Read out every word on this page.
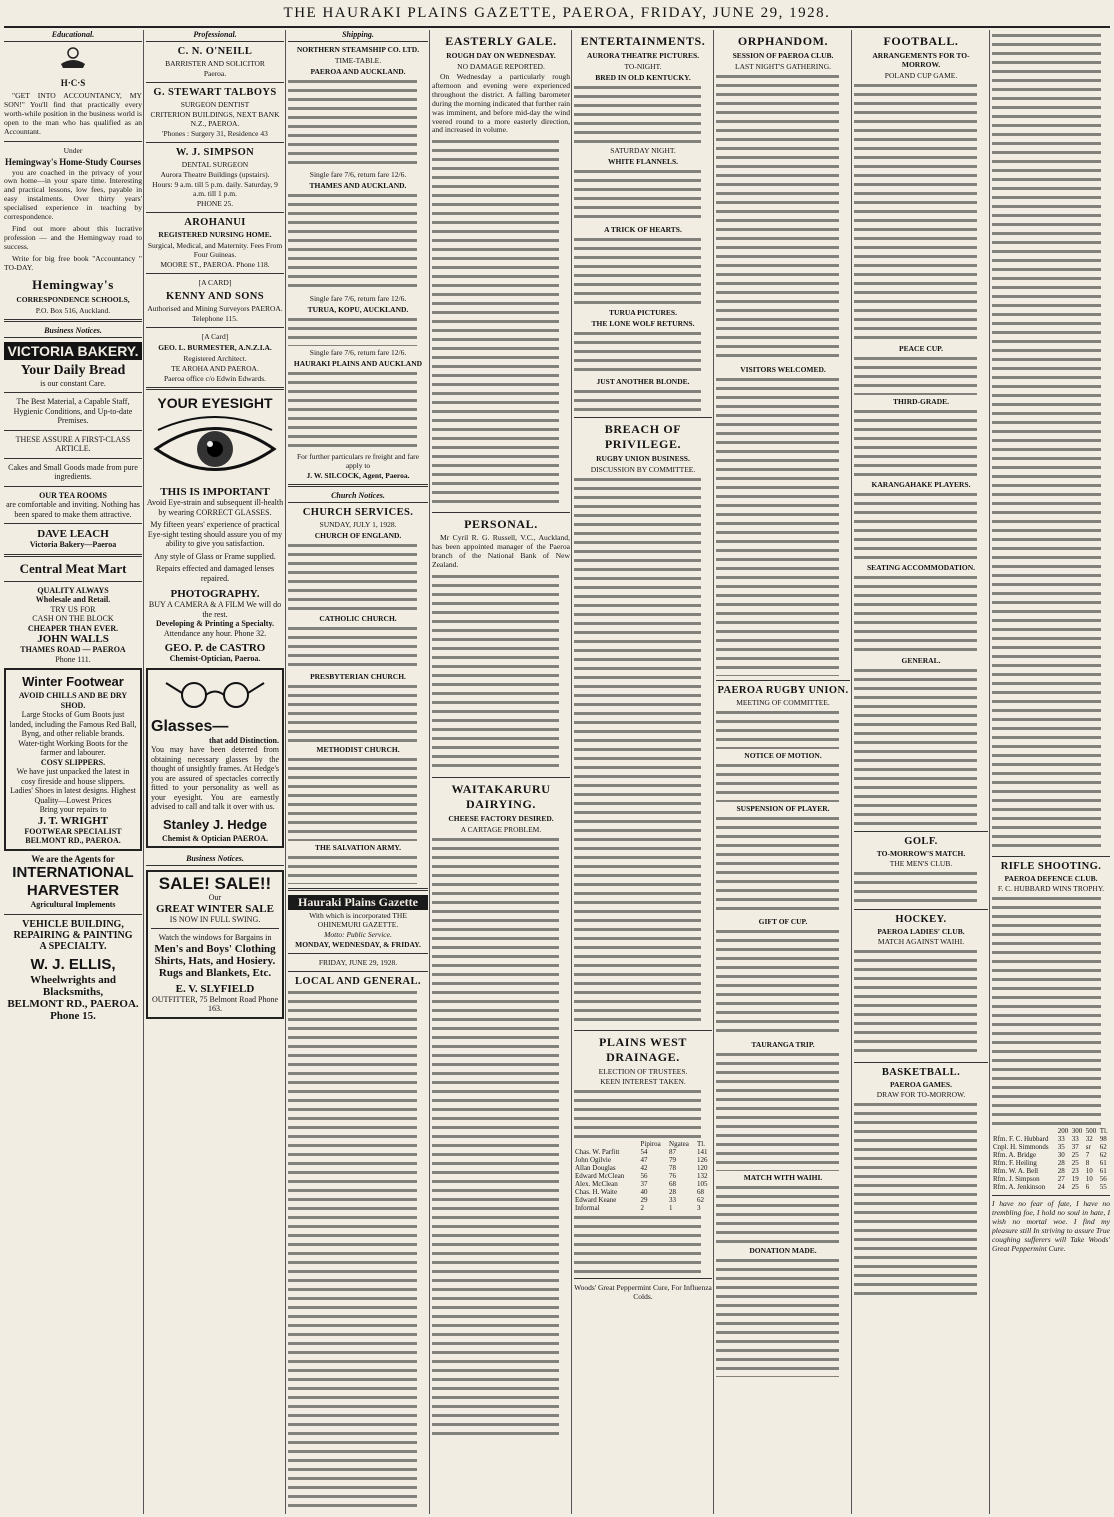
THE HAURAKI PLAINS GAZETTE, PAEROA, FRIDAY, JUNE 29, 1928.
Educational.
H·C·S
"GET INTO ACCOUNTANCY, MY SON!" You'll find that practically every worth-while position in the business world is open to the man who has qualified as an Accountant.
Under
Hemingway's Home-Study Courses
you are coached in the privacy of your own home—in your spare time. Interesting and practical lessons, low fees, payable in easy instalments. Over thirty years' specialised experience in teaching by correspondence.
Find out more about this lucrative profession — and the Hemingway road to success.
Write for big free book "Accountancy " TO-DAY.
Hemingway's
CORRESPONDENCE SCHOOLS,
P.O. Box 516, Auckland.
Business Notices.
VICTORIA BAKERY.
Your Daily Bread
is our constant Care.
The Best Material, a Capable Staff, Hygienic Conditions, and Up-to-date Premises.
THESE ASSURE A FIRST-CLASS ARTICLE.
Cakes and Small Goods made from pure ingredients.
OUR TEA ROOMS
are comfortable and inviting. Nothing has been spared to make them attractive.
DAVE LEACH
Victoria Bakery—Paeroa
Central Meat Mart
QUALITY ALWAYS
Wholesale and Retail.
TRY US FOR
CASH ON THE BLOCK
CHEAPER THAN EVER.
JOHN WALLS
THAMES ROAD — PAEROA
Phone 111.
Winter Footwear
AVOID CHILLS AND BE DRY SHOD.
Large Stocks of Gum Boots just landed, including the Famous Red Ball, Byng, and other reliable brands.
Water-tight Working Boots for the farmer and labourer.
COSY SLIPPERS.
We have just unpacked the latest in cosy fireside and house slippers. Ladies' Shoes in latest designs. Highest Quality—Lowest Prices
Bring your repairs to
J. T. WRIGHT
FOOTWEAR SPECIALIST
BELMONT RD., PAEROA.
We are the Agents for
INTERNATIONAL
HARVESTER
Agricultural Implements
VEHICLE BUILDING,
REPAIRING & PAINTING
A SPECIALTY.
W. J. ELLIS,
Wheelwrights and Blacksmiths,
BELMONT RD., PAEROA.
Phone 15.
Professional.
C. N. O'NEILL
BARRISTER AND SOLICITOR
Paeroa.
G. STEWART TALBOYS
SURGEON DENTIST
CRITERION BUILDINGS, NEXT BANK N.Z., PAEROA.
'Phones : Surgery 31, Residence 43
W. J. SIMPSON
DENTAL SURGEON
Aurora Theatre Buildings (upstairs).
Hours: 9 a.m. till 5 p.m. daily. Saturday, 9 a.m. till 1 p.m.
PHONE 25.
AROHANUI
REGISTERED NURSING HOME.
Surgical, Medical, and Maternity. Fees From Four Guineas.
MOORE ST., PAEROA. Phone 118.
[A CARD]
KENNY AND SONS
Authorised and Mining Surveyors PAEROA.
Telephone 115.
[A Card]
GEO. L. BURMESTER, A.N.Z.I.A.
Registered Architect.
TE AROHA AND PAEROA.
Paeroa office c/o Edwin Edwards.
YOUR EYESIGHT
THIS IS IMPORTANT
Avoid Eye-strain and subsequent ill-health by wearing CORRECT GLASSES.
My fifteen years' experience of practical Eye-sight testing should assure you of my ability to give you satisfaction.
Any style of Glass or Frame supplied.
Repairs effected and damaged lenses repaired.
PHOTOGRAPHY.
BUY A CAMERA & A FILM We will do the rest.
Developing & Printing a Specialty.
Attendance any hour. Phone 32.
GEO. P. de CASTRO
Chemist-Optician, Paeroa.
Glasses—
that add Distinction.
You may have been deterred from obtaining necessary glasses by the thought of unsightly frames. At Hedge's you are assured of spectacles correctly fitted to your personality as well as your eyesight. You are earnestly advised to call and talk it over with us.
Stanley J. Hedge
Chemist & Optician PAEROA.
Business Notices.
SALE! SALE!!
Our
GREAT WINTER SALE
IS NOW IN FULL SWING.
Watch the windows for Bargains in
Men's and Boys' Clothing Shirts, Hats, and Hosiery.
Rugs and Blankets, Etc.
E. V. SLYFIELD
OUTFITTER, 75 Belmont Road Phone 163.
Shipping.
NORTHERN STEAMSHIP CO. LTD.
TIME-TABLE.
PAEROA AND AUCKLAND.
Single fare 7/6, return fare 12/6.
THAMES AND AUCKLAND.
Single fare 7/6, return fare 12/6.
TURUA, KOPU, AUCKLAND.
Single fare 7/6, return fare 12/6.
HAURAKI PLAINS AND AUCKLAND
For further particulars re freight and fare apply to
J. W. SILCOCK, Agent, Paeroa.
Church Notices.
CHURCH SERVICES.
SUNDAY, JULY 1, 1928.
CHURCH OF ENGLAND.
CATHOLIC CHURCH.
PRESBYTERIAN CHURCH.
METHODIST CHURCH.
THE SALVATION ARMY.
Hauraki Plains Gazette
With which is incorporated THE OHINEMURI GAZETTE.
Motto: Public Service.
MONDAY, WEDNESDAY, & FRIDAY.
FRIDAY, JUNE 29, 1928.
LOCAL AND GENERAL.
EASTERLY GALE.
ROUGH DAY ON WEDNESDAY.
NO DAMAGE REPORTED.
On Wednesday a particularly rough afternoon and evening were experienced throughout the district. A falling barometer during the morning indicated that further rain was imminent, and before mid-day the wind veered round to a more easterly direction, and increased in volume.
PERSONAL.
Mr Cyril R. G. Russell, V.C., Auckland, has been appointed manager of the Paeroa branch of the National Bank of New Zealand.
WAITAKARURU DAIRYING.
CHEESE FACTORY DESIRED.
A CARTAGE PROBLEM.
ENTERTAINMENTS.
AURORA THEATRE PICTURES.
TO-NIGHT.
BRED IN OLD KENTUCKY.
SATURDAY NIGHT.
WHITE FLANNELS.
A TRICK OF HEARTS.
TURUA PICTURES.
THE LONE WOLF RETURNS.
JUST ANOTHER BLONDE.
BREACH OF PRIVILEGE.
RUGBY UNION BUSINESS.
DISCUSSION BY COMMITTEE.
PLAINS WEST DRAINAGE.
ELECTION OF TRUSTEES.
KEEN INTEREST TAKEN.
	Pipiroa	Ngatea	Tl.
Chas. W. Parfitt	54	87	141
John Ogilvie	47	79	126
Allan Douglas	42	78	120
Edward McClean	56	76	132
Alex. McClean	37	68	105
Chas. H. Waite	40	28	68
Edward Keane	29	33	62
Informal	2	1	3
Woods' Great Peppermint Cure, For Influenza Colds.
ORPHANDOM.
SESSION OF PAEROA CLUB.
LAST NIGHT'S GATHERING.
VISITORS WELCOMED.
PAEROA RUGBY UNION.
MEETING OF COMMITTEE.
NOTICE OF MOTION.
SUSPENSION OF PLAYER.
GIFT OF CUP.
TAURANGA TRIP.
MATCH WITH WAIHI.
DONATION MADE.
FOOTBALL.
ARRANGEMENTS FOR TO-MORROW.
POLAND CUP GAME.
PEACE CUP.
THIRD-GRADE.
KARANGAHAKE PLAYERS.
SEATING ACCOMMODATION.
GENERAL.
GOLF.
TO-MORROW'S MATCH.
THE MEN'S CLUB.
HOCKEY.
PAEROA LADIES' CLUB.
MATCH AGAINST WAIHI.
BASKETBALL.
PAEROA GAMES.
DRAW FOR TO-MORROW.
RIFLE SHOOTING.
PAEROA DEFENCE CLUB.
F. C. HUBBARD WINS TROPHY.
	200	300	500	Tl.
Rfm. F. C. Hubbard	33	33	32	98
Cnpl. H. Simmonds	35	37	sr	62
Rfm. A. Bridge	30	25	7	62
Rfm. F. Heiling	28	25	8	61
Rfm. W. A. Bell	28	23	10	61
Rfm. J. Simpson	27	19	10	56
Rfm. A. Jenkinson	24	25	6	55
I have no fear of fate, I have no trembling foe, I hold no soul in hate, I wish no mortal woe. I find my pleasure still In striving to assure True coughing sufferers will Take Woods' Great Peppermint Cure.
